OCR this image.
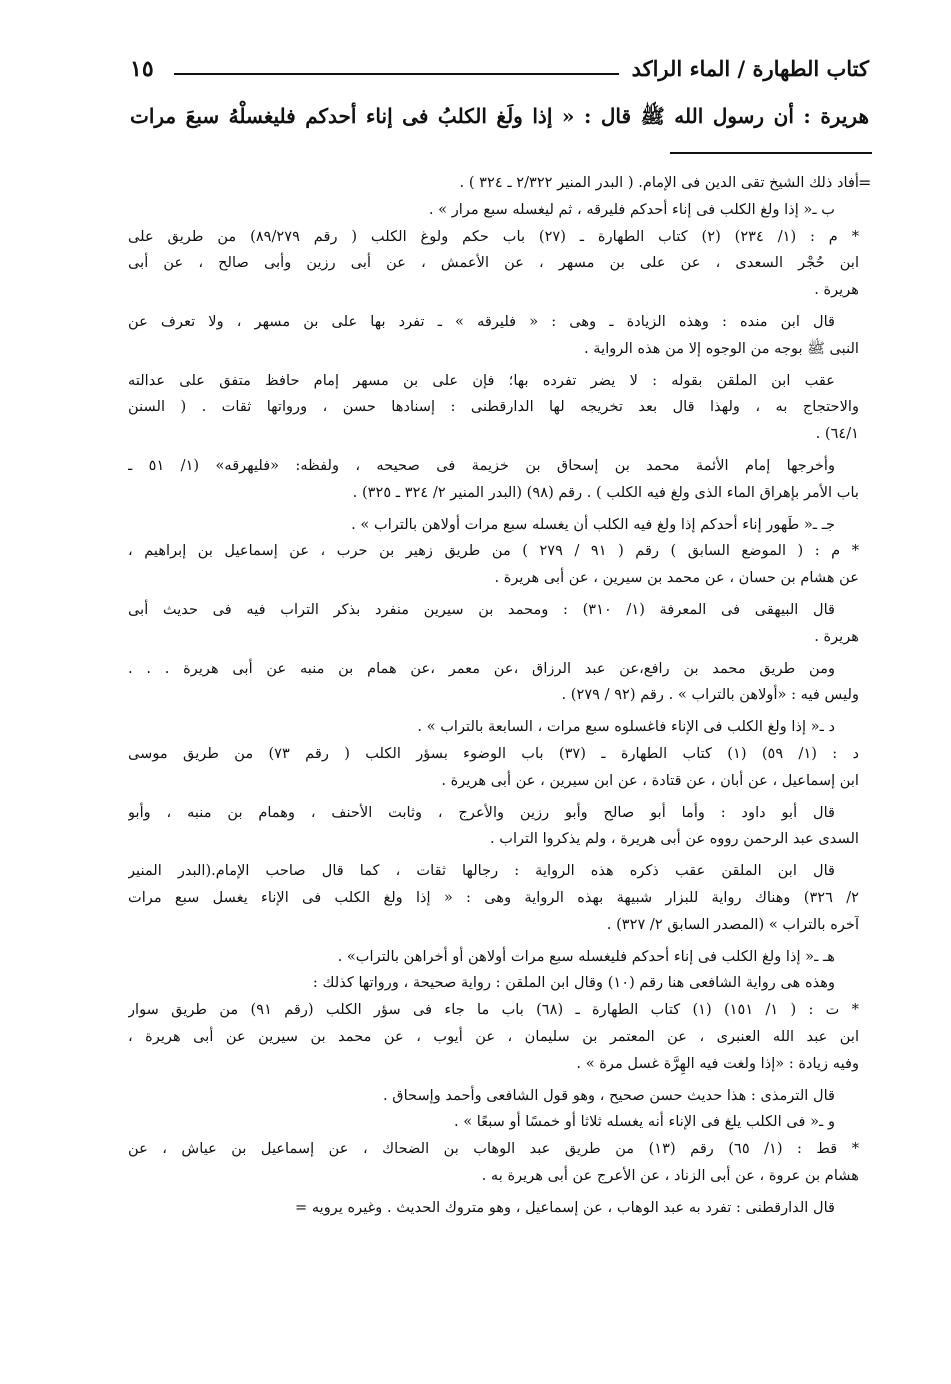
١٥	كتاب الطهارة / الماء الراكد
هريرة : أن رسول الله ﷺ قال : « إذا ولَغ الكلبُ فى إناء أحدكم فليغسلْهُ سبعَ مرات
=

أفاد ذلك الشيخ تقى الدين فى الإمام. ( البدر المنير ٢/٣٢٢ ـ ٣٢٤ ) .

ب ـ« إذا ولغ الكلب فى إناء أحدكم فليرقه ، ثم ليغسله سبع مرار » .

* م : (١/ ٢٣٤) (٢) كتاب الطهارة ـ (٢٧) باب حكم ولوغ الكلب ( رقم ٨٩/٢٧٩) من طريق على
ابن حُجْر السعدى ، عن على بن مسهر ، عن الأعمش ، عن أبى رزين وأبى صالح ، عن أبى
هريرة .

قال ابن منده : وهذه الزيادة ـ وهى : « فليرقه » ـ تفرد بها على بن مسهر ، ولا تعرف عن
النبى ﷺ بوجه من الوجوه إلا من هذه الرواية .

عقب ابن الملقن بقوله : لا يضر تفرده بها؛ فإن على بن مسهر إمام حافظ متفق على عدالته
والاحتجاج به ، ولهذا قال بعد تخريجه لها الدارقطنى : إسنادها حسن ، ورواتها ثقات . ( السنن
٦٤/١) .

وأخرجها إمام الأئمة محمد بن إسحاق بن خزيمة فى صحيحه ، ولفظه: «فليهرقه» (١/ ٥١ ـ
باب الأمر بإهراق الماء الذى ولغ فيه الكلب ) . رقم (٩٨) (البدر المنير ٢/ ٣٢٤ ـ ٣٢٥) .

جـ ـ« طَهور إناء أحدكم إذا ولغ فيه الكلب أن يغسله سبع مرات أولاهن بالتراب » .

* م : ( الموضع السابق ) رقم ( ٩١ / ٢٧٩ ) من طريق زهير بن حرب ، عن إسماعيل بن إبراهيم ،
عن هشام بن حسان ، عن محمد بن سيرين ، عن أبى هريرة .

قال البيهقى فى المعرفة (١/ ٣١٠) : ومحمد بن سيرين منفرد بذكر التراب فيه فى حديث أبى
هريرة .

ومن طريق محمد بن رافع،عن عبد الرزاق ،عن معمر ،عن همام بن منبه عن أبى هريرة . . .
وليس فيه : «أولاهن بالتراب » . رقم (٩٢ / ٢٧٩) .

د ـ« إذا ولغ الكلب فى الإناء فاغسلوه سبع مرات ، السابعة بالتراب » .

د : (١/ ٥٩) (١) كتاب الطهارة ـ (٣٧) باب الوضوء بسؤر الكلب ( رقم ٧٣) من طريق موسى
ابن إسماعيل ، عن أبان ، عن قتادة ، عن ابن سيرين ، عن أبى هريرة .

قال أبو داود : وأما أبو صالح وأبو رزين والأعرج ، وثابت الأحنف ، وهمام بن منبه ، وأبو
السدى عبد الرحمن رووه عن أبى هريرة ، ولم يذكروا التراب .

قال ابن الملقن عقب ذكره هذه الرواية : رجالها ثقات ، كما قال صاحب الإمام.(البدر المنير
٢/ ٣٢٦) وهناك رواية للبزار شبيهة بهذه الرواية وهى : « إذا ولغ الكلب فى الإناء يغسل سبع مرات
آخره بالتراب » (المصدر السابق ٢/ ٣٢٧) .

هـ ـ« إذا ولغ الكلب فى إناء أحدكم فليغسله سبع مرات أولاهن أو أخراهن بالتراب» .

وهذه هى رواية الشافعى هنا رقم (١٠) وقال ابن الملقن : رواية صحيحة ، ورواتها كذلك :

* ت : ( ١/ ١٥١) (١) كتاب الطهارة ـ (٦٨) باب ما جاء فى سؤر الكلب (رقم ٩١) من طريق سوار
ابن عبد الله العنبرى ، عن المعتمر بن سليمان ، عن أيوب ، عن محمد بن سيرين عن أبى هريرة ،
وفيه زيادة : «إذا ولغت فيه الهِرَّة غسل مرة » .

قال الترمذى : هذا حديث حسن صحيح ، وهو قول الشافعى وأحمد وإسحاق .

و ـ« فى الكلب يلغ فى الإناء أنه يغسله ثلاثا أو خمسًا أو سبعًا » .

* قط : (١/ ٦٥) رقم (١٣) من طريق عبد الوهاب بن الضحاك ، عن إسماعيل بن عياش ، عن
هشام بن عروة ، عن أبى الزناد ، عن الأعرج عن أبى هريرة به .

قال الدارقطنى : تفرد به عبد الوهاب ، عن إسماعيل ، وهو متروك الحديث . وغيره يرويه =
